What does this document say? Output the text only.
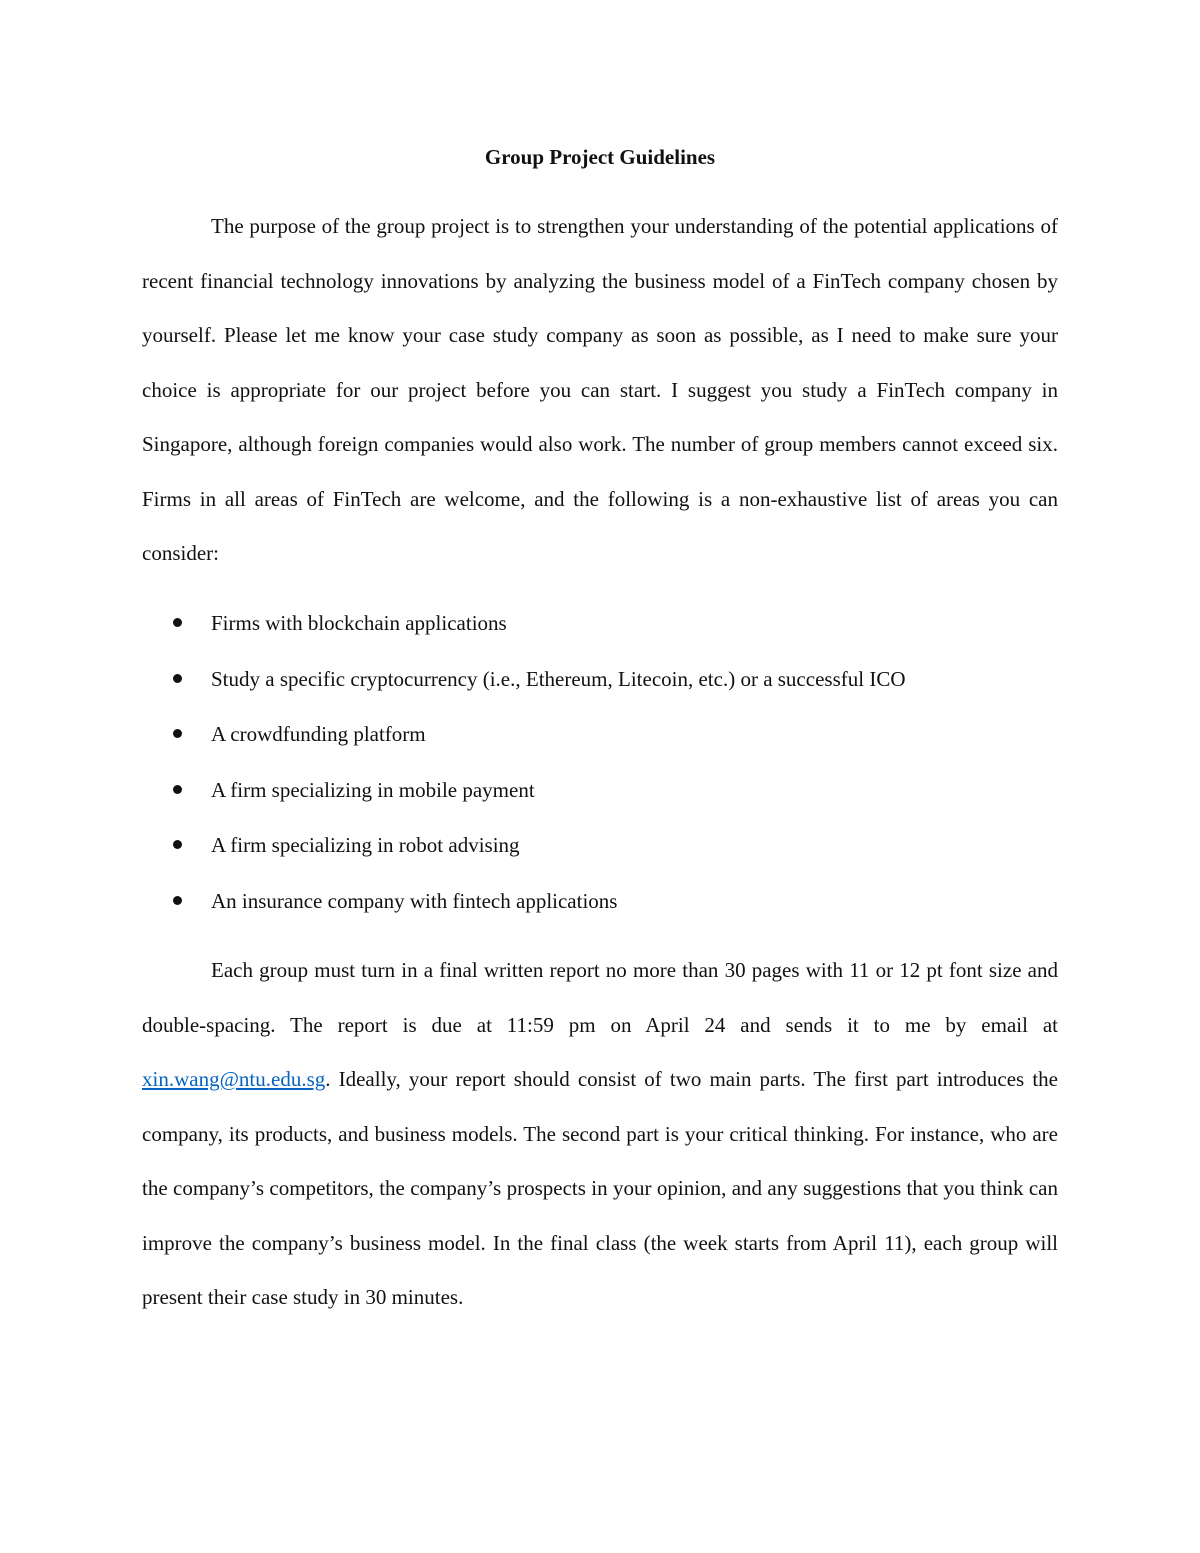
Group Project Guidelines

The purpose of the group project is to strengthen your understanding of the potential applications of recent financial technology innovations by analyzing the business model of a FinTech company chosen by yourself. Please let me know your case study company as soon as possible, as I need to make sure your choice is appropriate for our project before you can start. I suggest you study a FinTech company in Singapore, although foreign companies would also work. The number of group members cannot exceed six. Firms in all areas of FinTech are welcome, and the following is a non-exhaustive list of areas you can consider:

Firms with blockchain applications
Study a specific cryptocurrency (i.e., Ethereum, Litecoin, etc.) or a successful ICO
A crowdfunding platform
A firm specializing in mobile payment
A firm specializing in robot advising
An insurance company with fintech applications

Each group must turn in a final written report no more than 30 pages with 11 or 12 pt font size and double-spacing. The report is due at 11:59 pm on April 24 and sends it to me by email at xin.wang@ntu.edu.sg. Ideally, your report should consist of two main parts. The first part introduces the company, its products, and business models. The second part is your critical thinking. For instance, who are the company’s competitors, the company’s prospects in your opinion, and any suggestions that you think can improve the company’s business model. In the final class (the week starts from April 11), each group will present their case study in 30 minutes.
